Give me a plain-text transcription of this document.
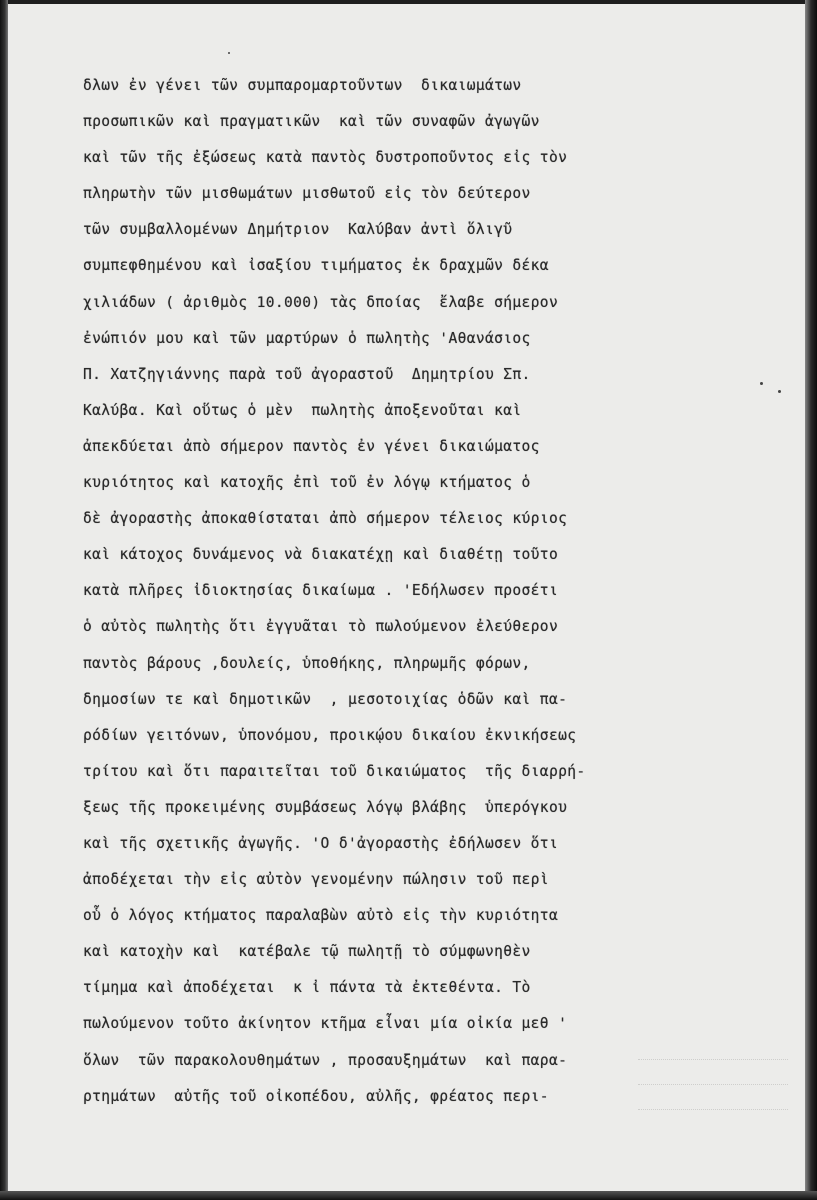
δλων ἐν γένει τῶν συμπαρομαρτοῦντων  δικαιωμάτων
προσωπικῶν καὶ πραγματικῶν  καὶ τῶν συναφῶν ἀγωγῶν
καὶ τῶν τῆς ἐξώσεως κατὰ παντὸς δυστροποῦντος εἰς τὸν
πληρωτὴν τῶν μισθωμάτων μισθωτοῦ εἰς τὸν δεύτερον
τῶν συμβαλλομένων Δημήτριον  Καλύβαν ἀντὶ ὅλιγῦ
συμπεφθημένου καὶ ἰσαξίου τιμήματος ἐκ δραχμῶν δέκα
χιλιάδων ( ἀριθμὸς 10.000) τὰς δποίας  ἔλαβε σήμερον
ἐνώπιόν μου καὶ τῶν μαρτύρων ὁ πωλητὴς 'Αθανάσιος
Π. Χατζηγιάννης παρὰ τοῦ ἀγοραστοῦ  Δημητρίου Σπ.
Καλύβα. Καὶ οὕτως ὁ μὲν  πωλητὴς ἀποξενοῦται καὶ
ἀπεκδύεται ἀπὸ σήμερον παντὸς ἐν γένει δικαιώματος
κυριότητος καὶ κατοχῆς ἐπὶ τοῦ ἐν λόγῳ κτήματος ὁ
δὲ ἀγοραστὴς ἀποκαθίσταται ἀπὸ σήμερον τέλειος κύριος
καὶ κάτοχος δυνάμενος νὰ διακατέχῃ καὶ διαθέτῃ τοῦτο
κατὰ πλῆρες ἰδιοκτησίας δικαίωμα . 'Εδήλωσεν προσέτι
ὁ αὐτὸς πωλητὴς ὅτι ἐγγυᾶται τὸ πωλούμενον ἐλεύθερον
παντὸς βάρους ,δουλείς, ὑποθήκης, πληρωμῆς φόρων,
δημοσίων τε καὶ δημοτικῶν  , μεσοτοιχίας ὁδῶν καὶ πα-
ρόδίων γειτόνων, ὑπονόμου, προικῴου δικαίου ἐκνικήσεως
τρίτου καὶ ὅτι παραιτεῖται τοῦ δικαιώματος  τῆς διαρρή-
ξεως τῆς προκειμένης συμβάσεως λόγῳ βλάβης  ὑπερόγκου
καὶ τῆς σχετικῆς ἀγωγῆς. 'Ο δ'ἀγοραστὴς ἐδήλωσεν ὅτι
ἀποδέχεται τὴν εἰς αὐτὸν γενομένην πώλησιν τοῦ περὶ
οὗ ὁ λόγος κτήματος παραλαβὼν αὐτὸ εἰς τὴν κυριότητα
καὶ κατοχὴν καὶ  κατέβαλε τῷ πωλητῇ τὸ σύμφωνηθὲν
τίμημα καὶ ἀποδέχεται  κ ἰ πάντα τὰ ἐκτεθέντα. Τὸ
πωλούμενον τοῦτο ἀκίνητον κτῆμα εἶναι μία οἰκία μεθ '
ὅλων  τῶν παρακολουθημάτων , προσαυξημάτων  καὶ παρα-
ρτημάτων  αὐτῆς τοῦ οἰκοπέδου, αὐλῆς, φρέατος περι-
